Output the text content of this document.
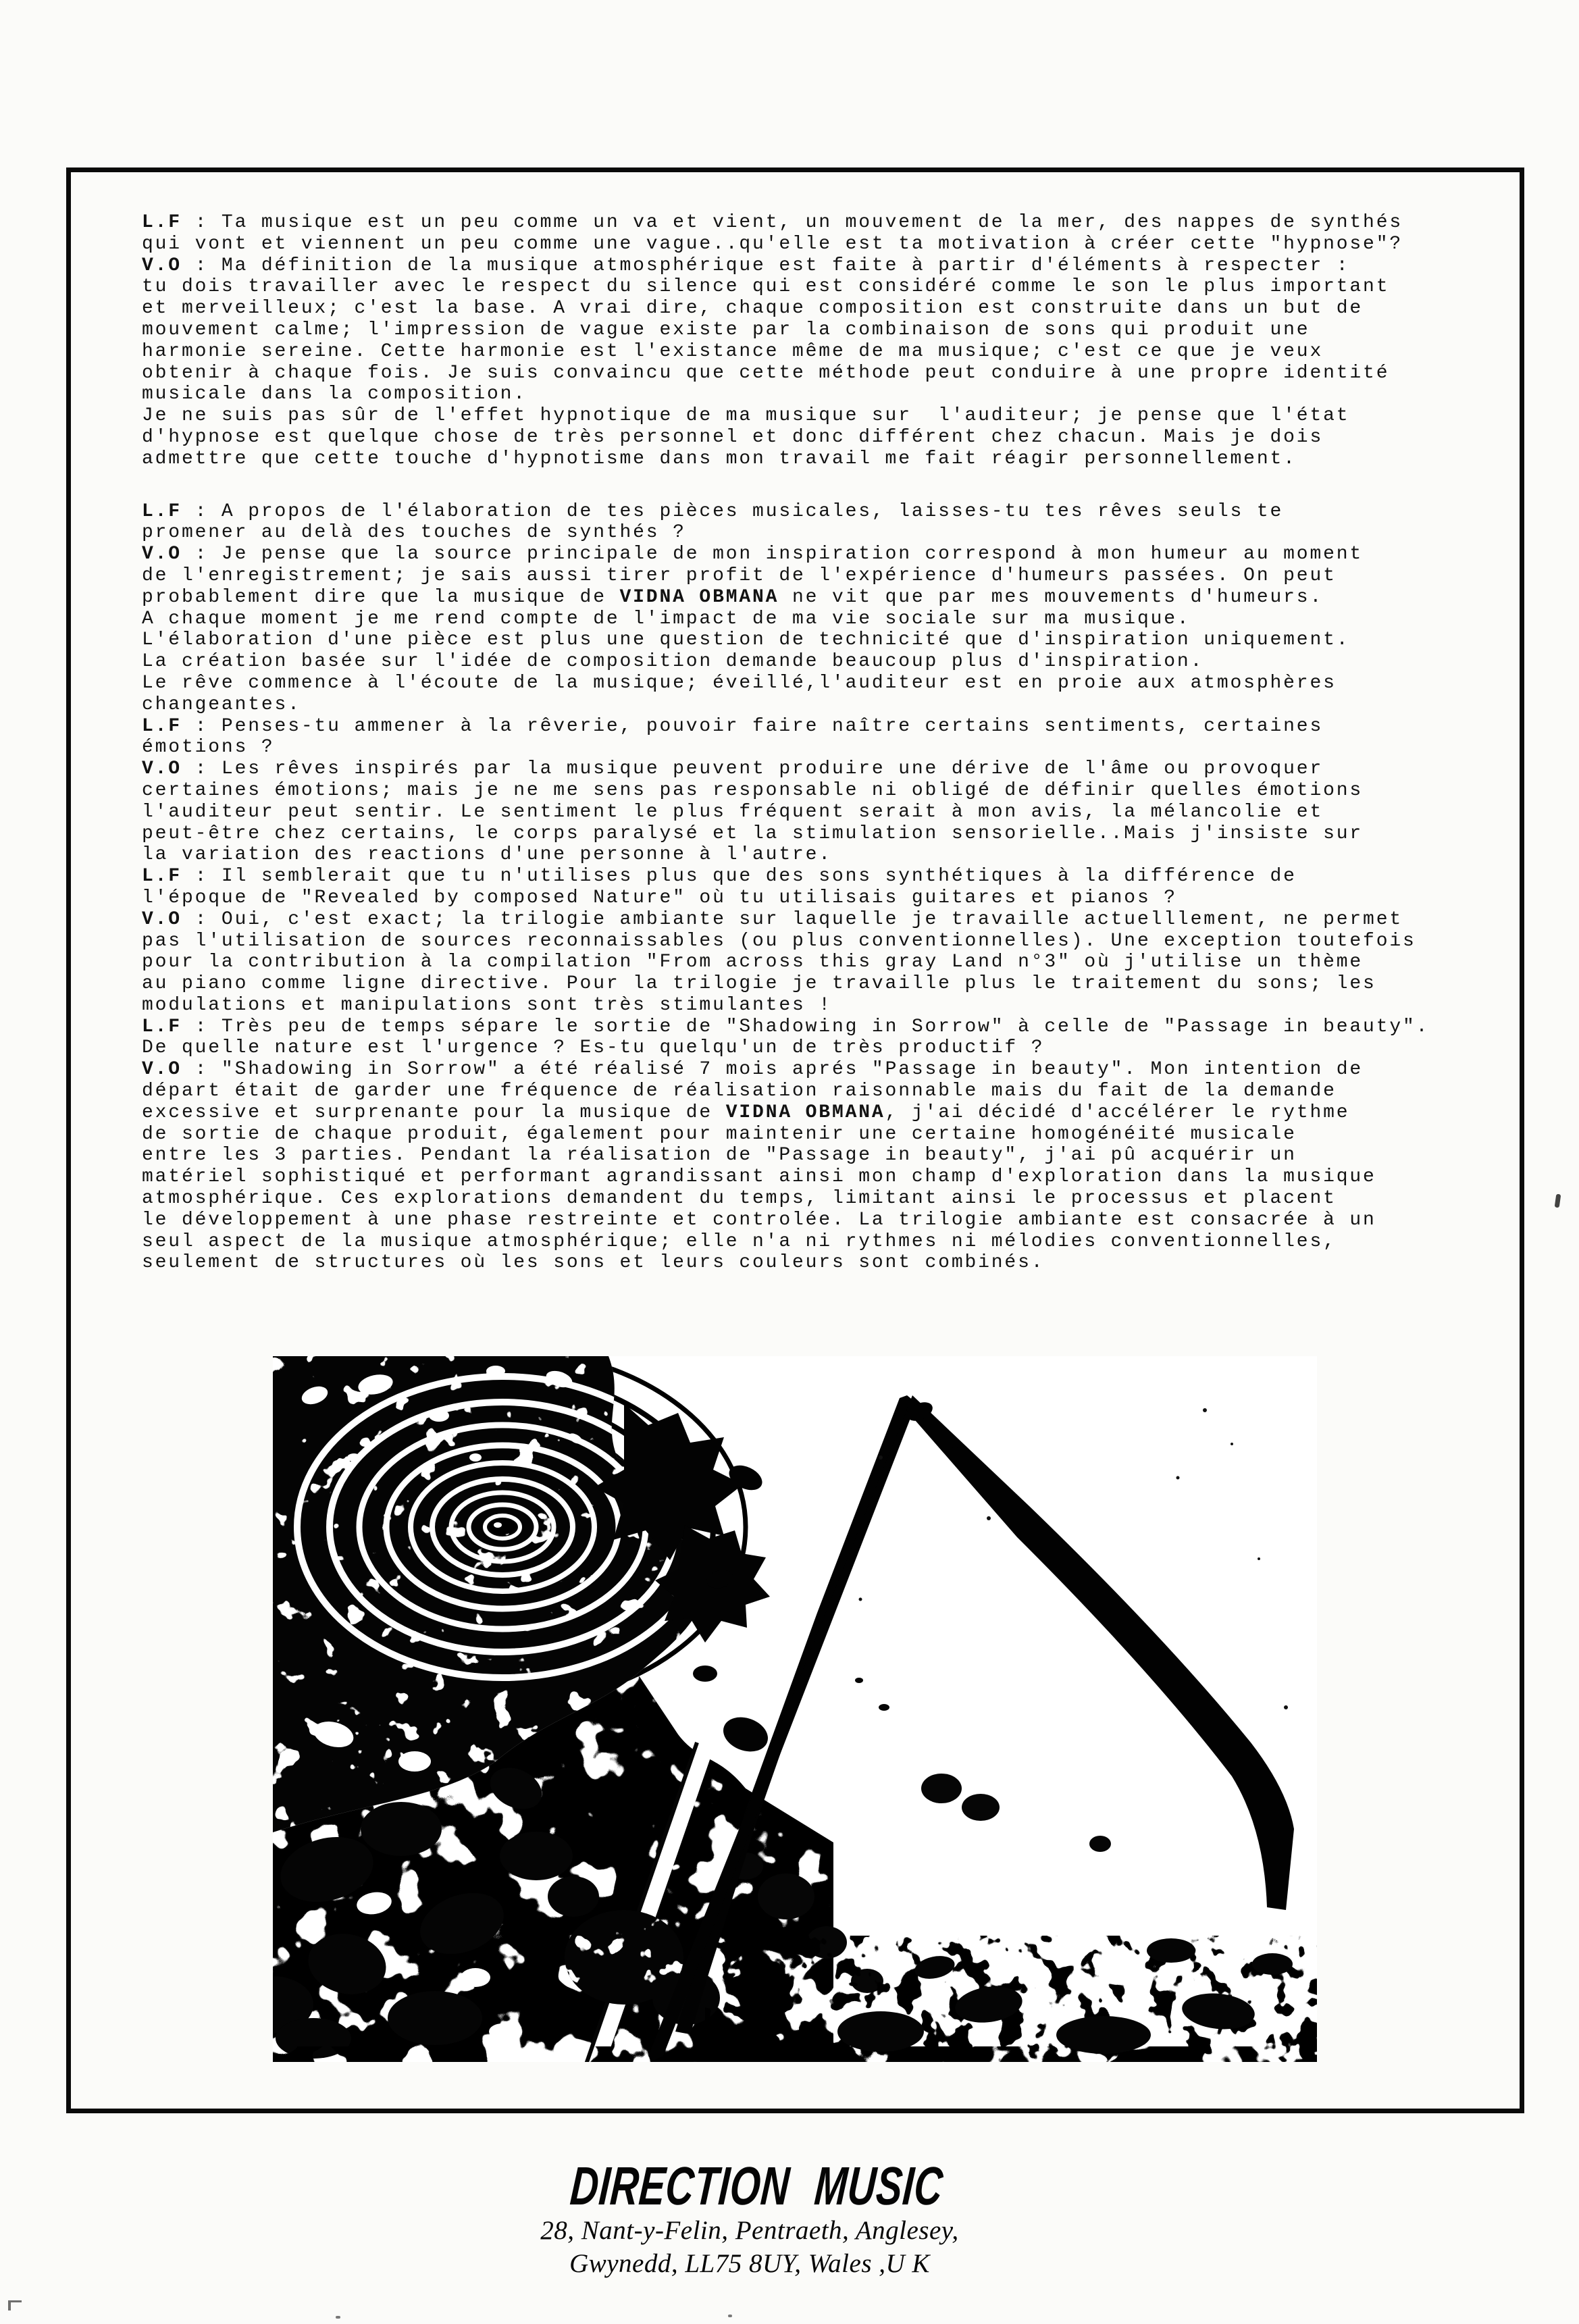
L.F : Ta musique est un peu comme un va et vient, un mouvement de la mer, des nappes de synthés
qui vont et viennent un peu comme une vague..qu'elle est ta motivation à créer cette "hypnose"?
V.O : Ma définition de la musique atmosphérique est faite à partir d'éléments à respecter :
tu dois travailler avec le respect du silence qui est considéré comme le son le plus important
et merveilleux; c'est la base. A vrai dire, chaque composition est construite dans un but de
mouvement calme; l'impression de vague existe par la combinaison de sons qui produit une
harmonie sereine. Cette harmonie est l'existance même de ma musique; c'est ce que je veux
obtenir à chaque fois. Je suis convaincu que cette méthode peut conduire à une propre identité
musicale dans la composition.
Je ne suis pas sûr de l'effet hypnotique de ma musique sur  l'auditeur; je pense que l'état
d'hypnose est quelque chose de très personnel et donc différent chez chacun. Mais je dois
admettre que cette touche d'hypnotisme dans mon travail me fait réagir personnellement.
L.F : A propos de l'élaboration de tes pièces musicales, laisses-tu tes rêves seuls te
promener au delà des touches de synthés ?
V.O : Je pense que la source principale de mon inspiration correspond à mon humeur au moment
de l'enregistrement; je sais aussi tirer profit de l'expérience d'humeurs passées. On peut
probablement dire que la musique de VIDNA OBMANA ne vit que par mes mouvements d'humeurs.
A chaque moment je me rend compte de l'impact de ma vie sociale sur ma musique.
L'élaboration d'une pièce est plus une question de technicité que d'inspiration uniquement.
La création basée sur l'idée de composition demande beaucoup plus d'inspiration.
Le rêve commence à l'écoute de la musique; éveillé,l'auditeur est en proie aux atmosphères
changeantes.
L.F : Penses-tu ammener à la rêverie, pouvoir faire naître certains sentiments, certaines
émotions ?
V.O : Les rêves inspirés par la musique peuvent produire une dérive de l'âme ou provoquer
certaines émotions; mais je ne me sens pas responsable ni obligé de définir quelles émotions
l'auditeur peut sentir. Le sentiment le plus fréquent serait à mon avis, la mélancolie et
peut-être chez certains, le corps paralysé et la stimulation sensorielle..Mais j'insiste sur
la variation des reactions d'une personne à l'autre.
L.F : Il semblerait que tu n'utilises plus que des sons synthétiques à la différence de
l'époque de "Revealed by composed Nature" où tu utilisais guitares et pianos ?
V.O : Oui, c'est exact; la trilogie ambiante sur laquelle je travaille actuelllement, ne permet
pas l'utilisation de sources reconnaissables (ou plus conventionnelles). Une exception toutefois
pour la contribution à la compilation "From across this gray Land n°3" où j'utilise un thème
au piano comme ligne directive. Pour la trilogie je travaille plus le traitement du sons; les
modulations et manipulations sont très stimulantes !
L.F : Très peu de temps sépare le sortie de "Shadowing in Sorrow" à celle de "Passage in beauty".
De quelle nature est l'urgence ? Es-tu quelqu'un de très productif ?
V.O : "Shadowing in Sorrow" a été réalisé 7 mois aprés "Passage in beauty". Mon intention de
départ était de garder une fréquence de réalisation raisonnable mais du fait de la demande
excessive et surprenante pour la musique de VIDNA OBMANA, j'ai décidé d'accélérer le rythme
de sortie de chaque produit, également pour maintenir une certaine homogénéité musicale
entre les 3 parties. Pendant la réalisation de "Passage in beauty", j'ai pû acquérir un
matériel sophistiqué et performant agrandissant ainsi mon champ d'exploration dans la musique
atmosphérique. Ces explorations demandent du temps, limitant ainsi le processus et placent
le développement à une phase restreinte et controlée. La trilogie ambiante est consacrée à un
seul aspect de la musique atmosphérique; elle n'a ni rythmes ni mélodies conventionnelles,
seulement de structures où les sons et leurs couleurs sont combinés.
DIRECTION MUSIC
28, Nant-y-Felin, Pentraeth, Anglesey,
Gwynedd, LL75 8UY, Wales ,U K
